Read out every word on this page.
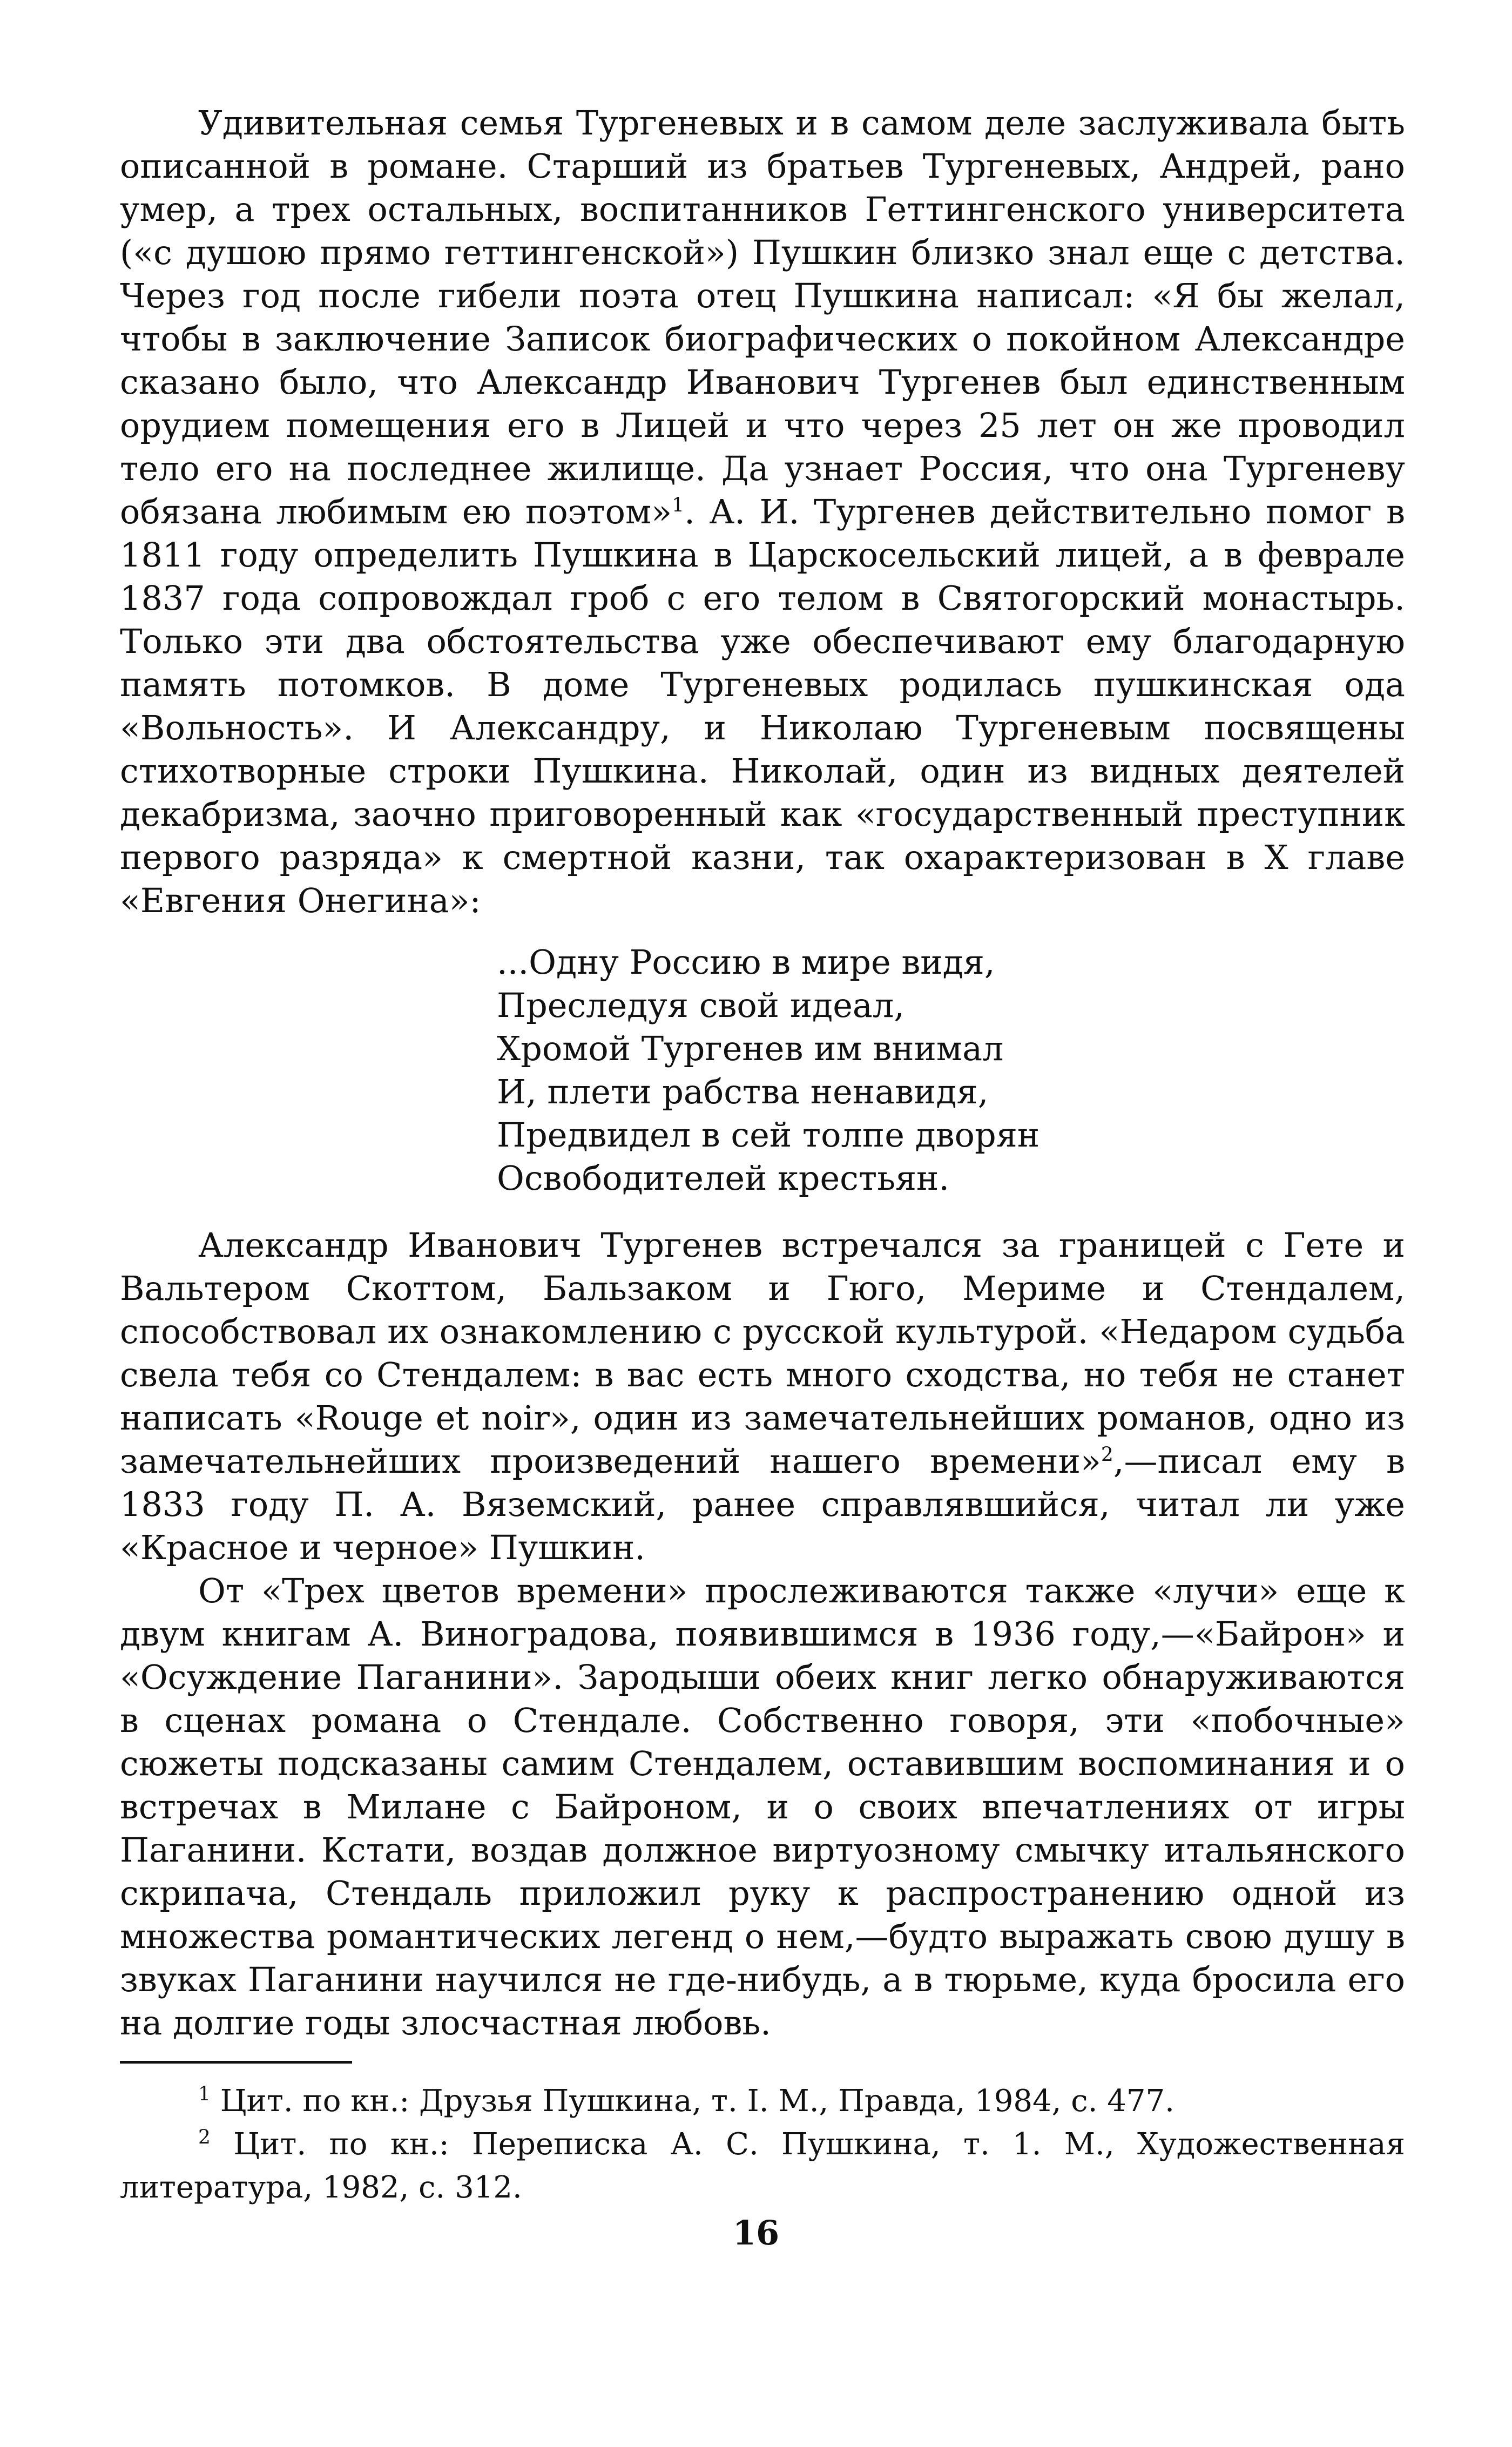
Удивительная семья Тургеневых и в самом деле заслуживала быть описанной в романе. Старший из братьев Тургеневых, Андрей, рано умер, а трех остальных, воспитанников Геттингенского университета («с душою прямо геттингенской») Пушкин близко знал еще с детства. Через год после гибели поэта отец Пушкина написал: «Я бы желал, чтобы в заключение Записок биографических о покойном Александре сказано было, что Александр Иванович Тургенев был единственным орудием помещения его в Лицей и что через 25 лет он же проводил тело его на последнее жилище. Да узнает Россия, что она Тургеневу обязана любимым ею поэтом»$^1$. А. И. Тургенев действительно помог в 1811 году определить Пушкина в Царскосельский лицей, а в феврале 1837 года сопровождал гроб с его телом в Святогорский монастырь. Только эти два обстоятельства уже обеспечивают ему благодарную память потомков. В доме Тургеневых родилась пушкинская ода «Вольность». И Александру, и Николаю Тургеневым посвящены стихотворные строки Пушкина. Николай, один из видных деятелей декабризма, заочно приговоренный как «государственный преступник первого разряда» к смертной казни, так охарактеризован в X главе «Евгения Онегина»:

...Одну Россию в мире видя,
Преследуя свой идеал,
Хромой Тургенев им внимал
И, плети рабства ненавидя,
Предвидел в сей толпе дворян
Освободителей крестьян.

Александр Иванович Тургенев встречался за границей с Гете и Вальтером Скоттом, Бальзаком и Гюго, Мериме и Стендалем, способствовал их ознакомлению с русской культурой. «Недаром судьба свела тебя со Стендалем: в вас есть много сходства, но тебя не станет написать «Rouge et noir», один из замечательнейших романов, одно из замечательнейших произведений нашего времени»$^2$,—писал ему в 1833 году П. А. Вяземский, ранее справлявшийся, читал ли уже «Красное и черное» Пушкин.

От «Трех цветов времени» прослеживаются также «лучи» еще к двум книгам А. Виноградова, появившимся в 1936 году,—«Байрон» и «Осуждение Паганини». Зародыши обеих книг легко обнаруживаются в сценах романа о Стендале. Собственно говоря, эти «побочные» сюжеты подсказаны самим Стендалем, оставившим воспоминания и о встречах в Милане с Байроном, и о своих впечатлениях от игры Паганини. Кстати, воздав должное виртуозному смычку итальянского скрипача, Стендаль приложил руку к распространению одной из множества романтических легенд о нем,—будто выражать свою душу в звуках Паганини научился не где-нибудь, а в тюрьме, куда бросила его на долгие годы злосчастная любовь.

$^1$ Цит. по кн.: Друзья Пушкина, т. I. М., Правда, 1984, с. 477.

$^2$ Цит. по кн.: Переписка А. С. Пушкина, т. 1. М., Художественная литература, 1982, с. 312.

16
